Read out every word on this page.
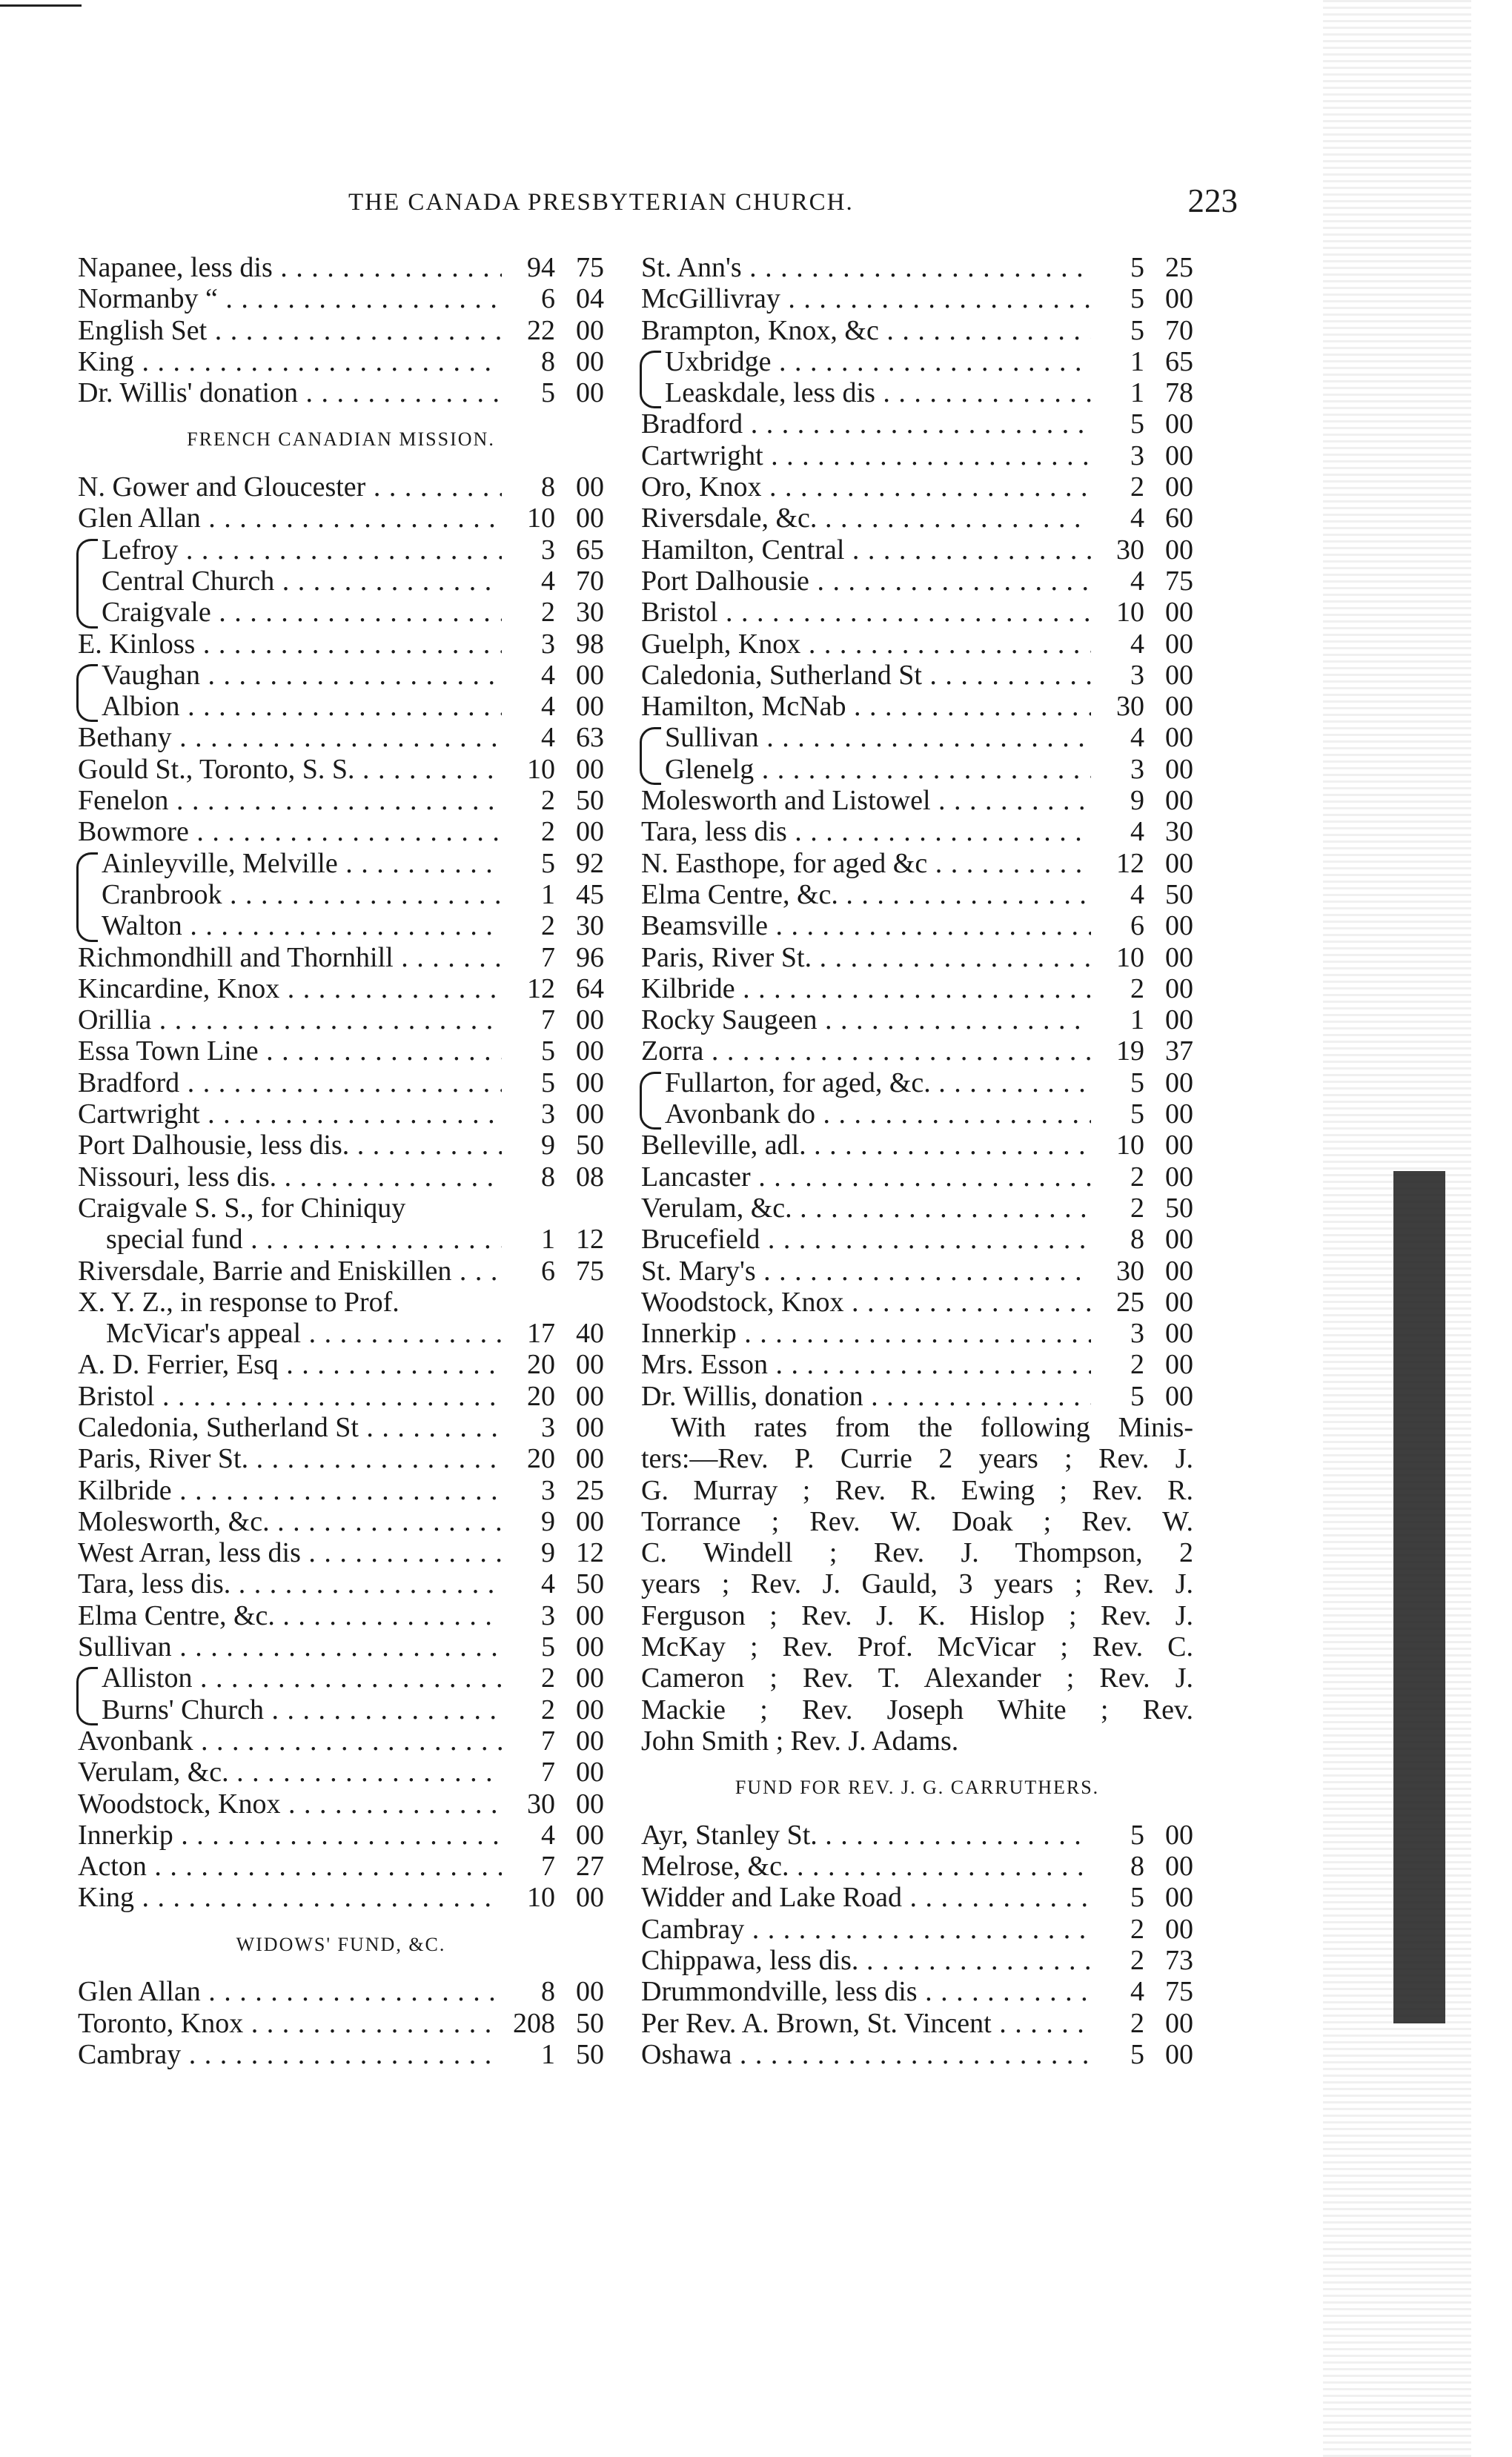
THE CANADA PRESBYTERIAN CHURCH.	223
Napanee, less dis . . .	94 75
Normanby “ . . .	6 04
English Set . . .	22 00
King . . .	8 00
Dr. Willis' donation . . .	5 00
FRENCH CANADIAN MISSION.
N. Gower and Gloucester . . .	8 00
Glen Allan . . .	10 00
Lefroy . . .	3 65
Central Church . . .	4 70
Craigvale . . .	2 30
E. Kinloss . . .	3 98
Vaughan . . .	4 00
Albion . . .	4 00
Bethany . . .	4 63
Gould St., Toronto, S. S. . . .	10 00
Fenelon . . .	2 50
Bowmore . . .	2 00
Ainleyville, Melville . . .	5 92
Cranbrook . . .	1 45
Walton . . .	2 30
Richmondhill and Thornhill . . .	7 96
Kincardine, Knox . . .	12 64
Orillia . . .	7 00
Essa Town Line . . .	5 00
Bradford . . .	5 00
Cartwright . . .	3 00
Port Dalhousie, less dis. . . .	9 50
Nissouri, less dis. . . .	8 08
Craigvale S. S., for Chiniquy
special fund . . .	1 12
Riversdale, Barrie and Eniskillen . . .	6 75
X. Y. Z., in response to Prof.
McVicar's appeal . . .	17 40
A. D. Ferrier, Esq . . .	20 00
Bristol . . .	20 00
Caledonia, Sutherland St . . .	3 00
Paris, River St. . . .	20 00
Kilbride . . .	3 25
Molesworth, &c. . . .	9 00
West Arran, less dis . . .	9 12
Tara, less dis. . . .	4 50
Elma Centre, &c. . . .	3 00
Sullivan . . .	5 00
Alliston . . .	2 00
Burns' Church . . .	2 00
Avonbank . . .	7 00
Verulam, &c. . . .	7 00
Woodstock, Knox . . .	30 00
Innerkip . . .	4 00
Acton . . .	7 27
King . . .	10 00
WIDOWS' FUND, &C.
Glen Allan . . .	8 00
Toronto, Knox . . .	208 50
Cambray . . .	1 50
St. Ann's . . .	5 25
McGillivray . . .	5 00
Brampton, Knox, &c . . .	5 70
Uxbridge . . .	1 65
Leaskdale, less dis . . .	1 78
Bradford . . .	5 00
Cartwright . . .	3 00
Oro, Knox . . .	2 00
Riversdale, &c. . . .	4 60
Hamilton, Central . . .	30 00
Port Dalhousie . . .	4 75
Bristol . . .	10 00
Guelph, Knox . . .	4 00
Caledonia, Sutherland St . . .	3 00
Hamilton, McNab . . .	30 00
Sullivan . . .	4 00
Glenelg . . .	3 00
Molesworth and Listowel . . .	9 00
Tara, less dis . . .	4 30
N. Easthope, for aged &c . . .	12 00
Elma Centre, &c. . . .	4 50
Beamsville . . .	6 00
Paris, River St. . . .	10 00
Kilbride . . .	2 00
Rocky Saugeen . . .	1 00
Zorra . . .	19 37
Fullarton, for aged, &c. . . .	5 00
Avonbank do . . .	5 00
Belleville, adl. . . .	10 00
Lancaster . . .	2 00
Verulam, &c. . . .	2 50
Brucefield . . .	8 00
St. Mary's . . .	30 00
Woodstock, Knox . . .	25 00
Innerkip . . .	3 00
Mrs. Esson . . .	2 00
Dr. Willis, donation . . .	5 00
With rates from the following Minis-
ters:—Rev. P. Currie 2 years ; Rev. J.
G. Murray ; Rev. R. Ewing ; Rev. R.
Torrance ; Rev. W. Doak ; Rev. W.
C. Windell ; Rev. J. Thompson, 2
years ; Rev. J. Gauld, 3 years ; Rev. J.
Ferguson ; Rev. J. K. Hislop ; Rev. J.
McKay ; Rev. Prof. McVicar ; Rev. C.
Cameron ; Rev. T. Alexander ; Rev. J.
Mackie ; Rev. Joseph White ; Rev.
John Smith ; Rev. J. Adams.
FUND FOR REV. J. G. CARRUTHERS.
Ayr, Stanley St. . . .	5 00
Melrose, &c. . . .	8 00
Widder and Lake Road . . .	5 00
Cambray . . .	2 00
Chippawa, less dis. . . .	2 73
Drummondville, less dis . . .	4 75
Per Rev. A. Brown, St. Vincent . . .	2 00
Oshawa . . .	5 00
